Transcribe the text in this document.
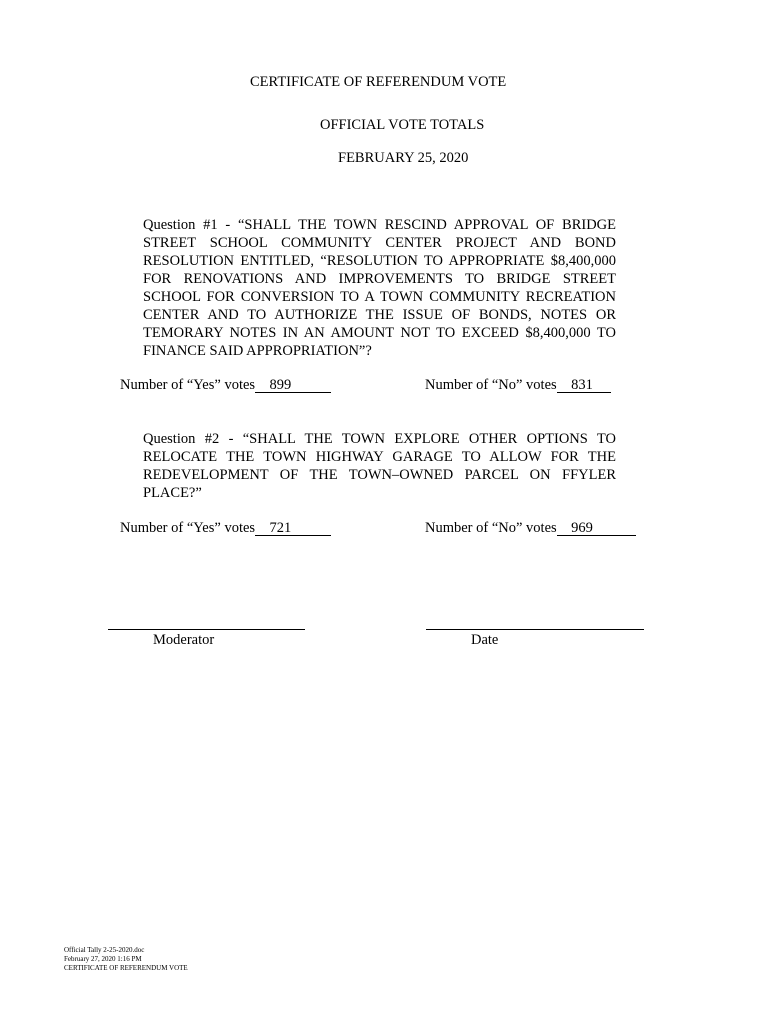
CERTIFICATE OF REFERENDUM VOTE
OFFICIAL VOTE TOTALS
FEBRUARY 25, 2020

Question #1 - “SHALL THE TOWN RESCIND APPROVAL OF BRIDGE STREET SCHOOL COMMUNITY CENTER PROJECT AND BOND RESOLUTION ENTITLED, “RESOLUTION TO APPROPRIATE $8,400,000 FOR RENOVATIONS AND IMPROVEMENTS TO BRIDGE STREET SCHOOL FOR CONVERSION TO A TOWN COMMUNITY RECREATION CENTER AND TO AUTHORIZE THE ISSUE OF BONDS, NOTES OR TEMORARY NOTES IN AN AMOUNT NOT TO EXCEED $8,400,000 TO FINANCE SAID APPROPRIATION”?

Number of “Yes” votes 899	Number of “No” votes 831

Question #2 - “SHALL THE TOWN EXPLORE OTHER OPTIONS TO RELOCATE THE TOWN HIGHWAY GARAGE TO ALLOW FOR THE REDEVELOPMENT OF THE TOWN–OWNED PARCEL ON FFYLER PLACE?”

Number of “Yes” votes 721	Number of “No” votes 969
Moderator	Date
Official Tally 2-25-2020.doc
February 27, 2020 1:16 PM
CERTIFICATE OF REFERENDUM VOTE
